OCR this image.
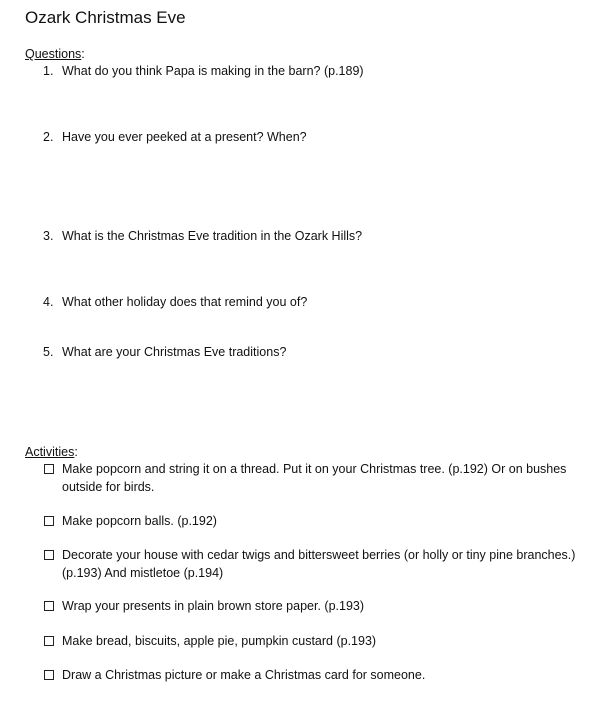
Ozark Christmas Eve
Questions:
1. What do you think Papa is making in the barn? (p.189)
2. Have you ever peeked at a present? When?
3. What is the Christmas Eve tradition in the Ozark Hills?
4. What other holiday does that remind you of?
5. What are your Christmas Eve traditions?
Activities:
Make popcorn and string it on a thread. Put it on your Christmas tree. (p.192) Or on bushes outside for birds.
Make popcorn balls. (p.192)
Decorate your house with cedar twigs and bittersweet berries (or holly or tiny pine branches.) (p.193) And mistletoe (p.194)
Wrap your presents in plain brown store paper. (p.193)
Make bread, biscuits, apple pie, pumpkin custard (p.193)
Draw a Christmas picture or make a Christmas card for someone.
